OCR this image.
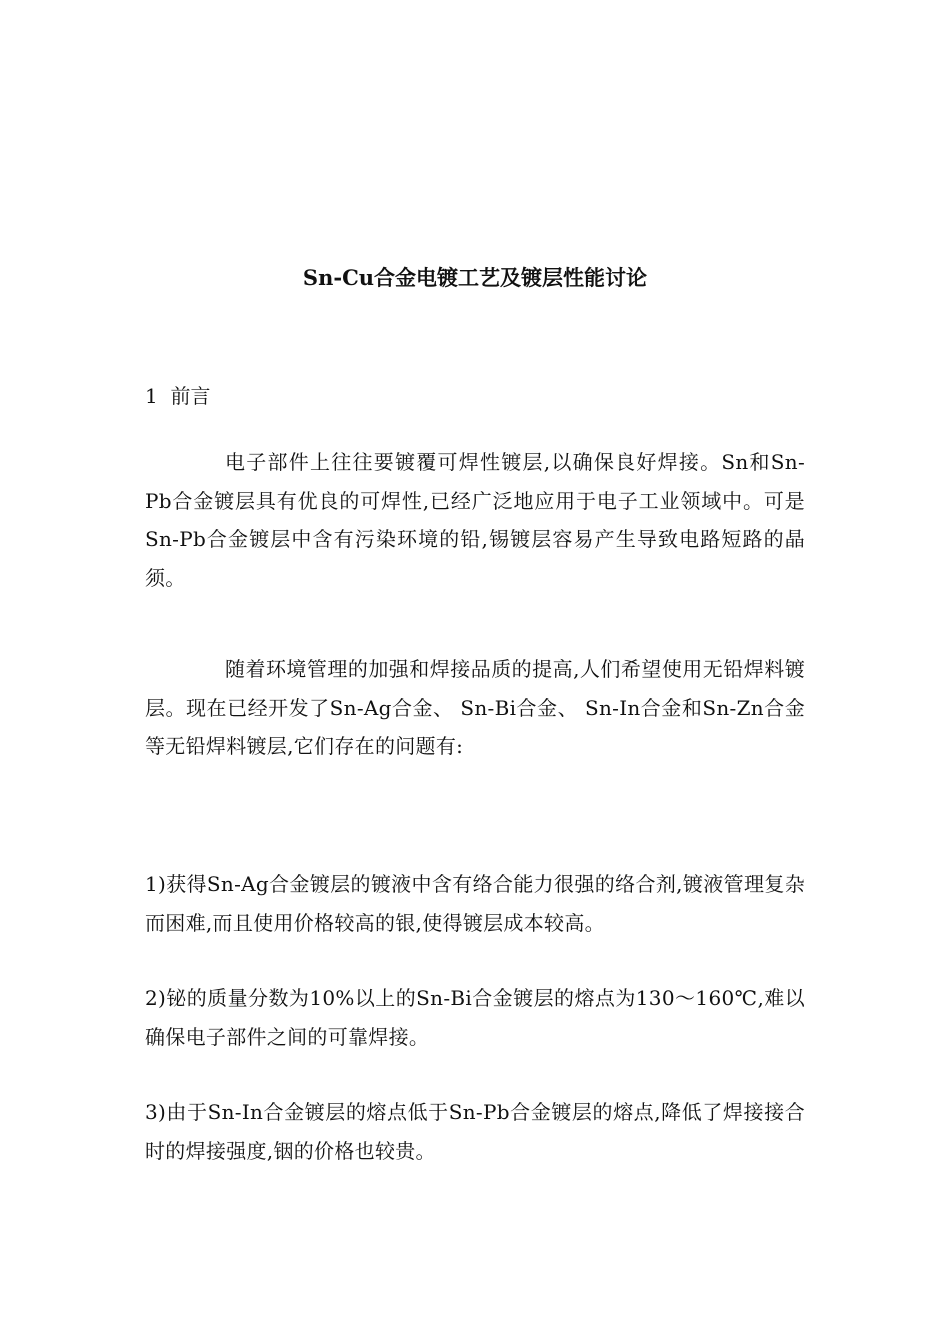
Sn-Cu合金电镀工艺及镀层性能讨论

1  前言

电子部件上往往要镀覆可焊性镀层,以确保良好焊接。Sn和Sn-Pb合金镀层具有优良的可焊性,已经广泛地应用于电子工业领域中。可是Sn-Pb合金镀层中含有污染环境的铅,锡镀层容易产生导致电路短路的晶须。

随着环境管理的加强和焊接品质的提高,人们希望使用无铅焊料镀层。现在已经开发了Sn-Ag合金、 Sn-Bi合金、 Sn-In合金和Sn-Zn合金等无铅焊料镀层,它们存在的问题有:

1)获得Sn-Ag合金镀层的镀液中含有络合能力很强的络合剂,镀液管理复杂而困难,而且使用价格较高的银,使得镀层成本较高。

2)铋的质量分数为10%以上的Sn-Bi合金镀层的熔点为130～160℃,难以确保电子部件之间的可靠焊接。

3)由于Sn-In合金镀层的熔点低于Sn-Pb合金镀层的熔点,降低了焊接接合时的焊接强度,铟的价格也较贵。
